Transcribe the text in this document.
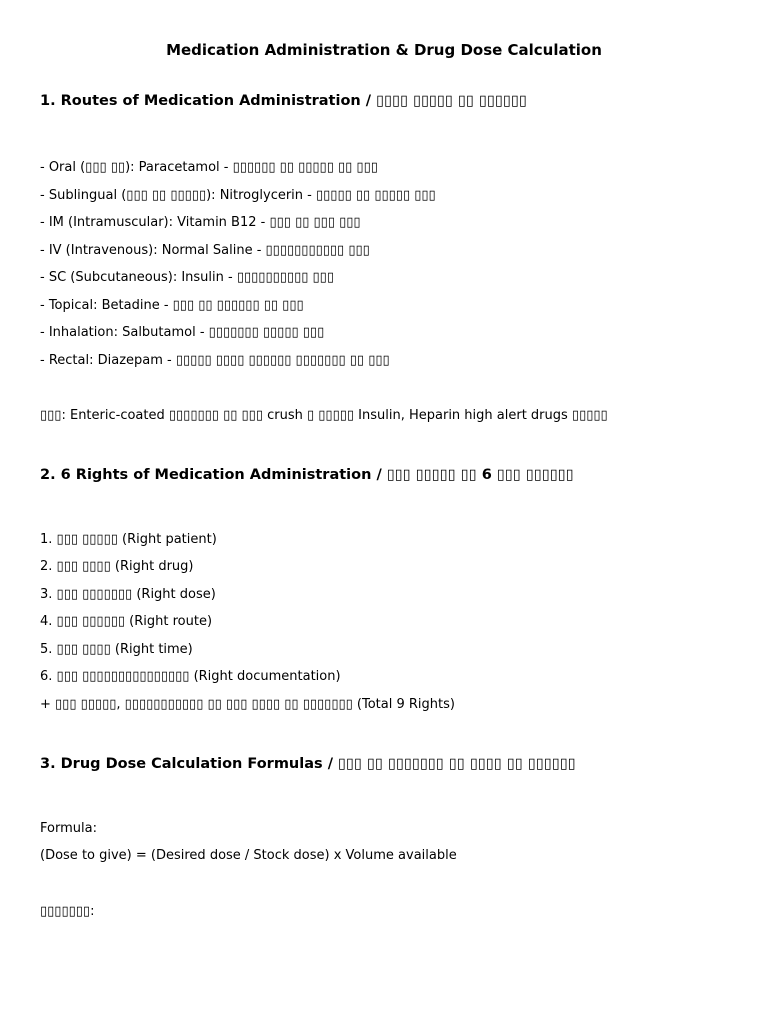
Medication Administration & Drug Dose Calculation
1. Routes of Medication Administration / ▯▯▯▯ ▯▯▯▯▯ ▯▯ ▯▯▯▯▯▯
- Oral (▯▯▯ ▯▯): Paracetamol - ▯▯▯▯▯▯ ▯▯ ▯▯▯▯▯ ▯▯ ▯▯▯
- Sublingual (▯▯▯ ▯▯ ▯▯▯▯▯): Nitroglycerin - ▯▯▯▯▯ ▯▯ ▯▯▯▯▯ ▯▯▯
- IM (Intramuscular): Vitamin B12 - ▯▯▯ ▯▯ ▯▯▯ ▯▯▯
- IV (Intravenous): Normal Saline - ▯▯▯▯▯▯▯▯▯▯▯ ▯▯▯
- SC (Subcutaneous): Insulin - ▯▯▯▯▯▯▯▯▯▯ ▯▯▯
- Topical: Betadine - ▯▯▯ ▯▯ ▯▯▯▯▯▯ ▯▯ ▯▯▯
- Inhalation: Salbutamol - ▯▯▯▯▯▯▯ ▯▯▯▯▯ ▯▯▯
- Rectal: Diazepam - ▯▯▯▯▯ ▯▯▯▯ ▯▯▯▯▯▯ ▯▯▯▯▯▯▯ ▯▯ ▯▯▯
▯▯▯: Enteric-coated ▯▯▯▯▯▯▯ ▯▯ ▯▯▯ crush ▯ ▯▯▯▯▯ Insulin, Heparin high alert drugs ▯▯▯▯▯
2. 6 Rights of Medication Administration / ▯▯▯ ▯▯▯▯▯ ▯▯ 6 ▯▯▯ ▯▯▯▯▯▯
1. ▯▯▯ ▯▯▯▯▯ (Right patient)
2. ▯▯▯ ▯▯▯▯ (Right drug)
3. ▯▯▯ ▯▯▯▯▯▯▯ (Right dose)
4. ▯▯▯ ▯▯▯▯▯▯ (Right route)
5. ▯▯▯ ▯▯▯▯ (Right time)
6. ▯▯▯ ▯▯▯▯▯▯▯▯▯▯▯▯▯▯▯ (Right documentation)
+ ▯▯▯ ▯▯▯▯▯, ▯▯▯▯▯▯▯▯▯▯▯ ▯▯ ▯▯▯ ▯▯▯▯ ▯▯ ▯▯▯▯▯▯▯ (Total 9 Rights)
3. Drug Dose Calculation Formulas / ▯▯▯ ▯▯ ▯▯▯▯▯▯▯ ▯▯ ▯▯▯▯ ▯▯ ▯▯▯▯▯▯
Formula:
(Dose to give) = (Desired dose / Stock dose) x Volume available
▯▯▯▯▯▯▯:
